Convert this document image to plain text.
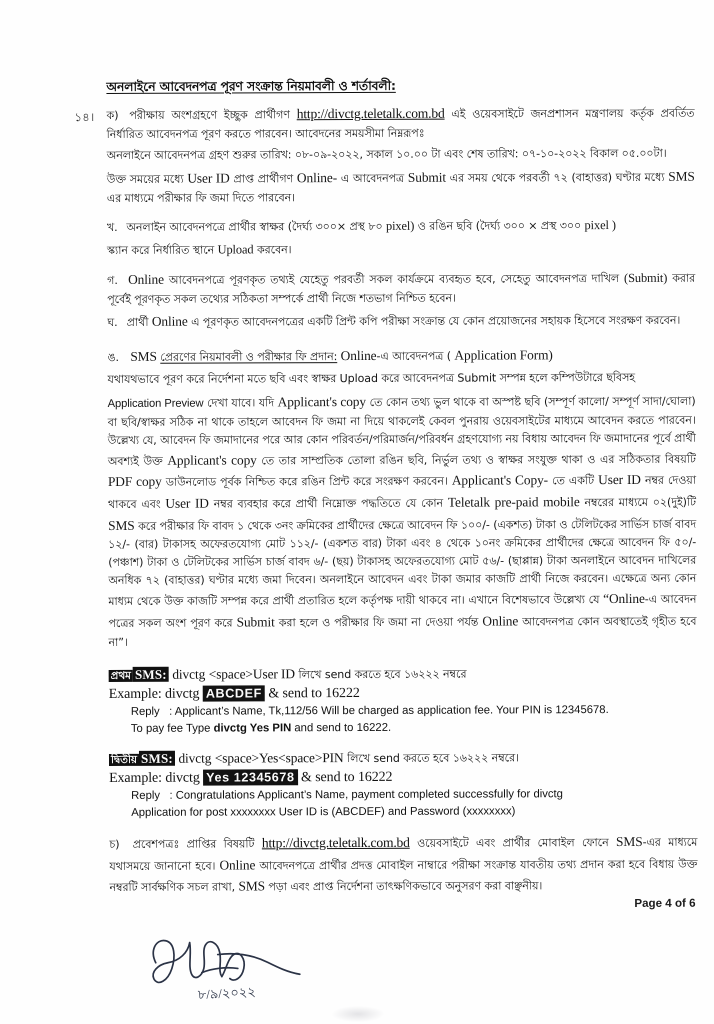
১৪।
অনলাইনে আবেদনপত্র পূরণ সংক্রান্ত নিয়মাবলী ও শর্তাবলী:

ক) পরীক্ষায় অংশগ্রহণে ইচ্ছুক প্রার্থীগণ http://divctg.teletalk.com.bd এই ওয়েবসাইটে জনপ্রশাসন মন্ত্রণালয় কর্তৃক প্রবর্তিত নির্ধারিত আবেদনপত্র পূরণ করতে পারবেন। আবেদনের সময়সীমা নিম্নরূপঃ

অনলাইনে আবেদনপত্র গ্রহণ শুরুর তারিখ: ০৮-০৯-২০২২, সকাল ১০.০০ টা এবং শেষ তারিখ: ০৭-১০-২০২২ বিকাল ০৫.০০টা।

উক্ত সময়ের মধ্যে User ID প্রাপ্ত প্রার্থীগণ Online- এ আবেদনপত্র Submit এর সময় থেকে পরবর্তী ৭২ (বাহাত্তর) ঘণ্টার মধ্যে SMS এর মাধ্যমে পরীক্ষার ফি জমা দিতে পারবেন।

খ. অনলাইন আবেদনপত্রে প্রার্থীর স্বাক্ষর (দৈর্ঘ্য ৩০০× প্রস্থ ৮০ pixel) ও রঙিন ছবি (দৈর্ঘ্য ৩০০ × প্রস্থ ৩০০ pixel )

স্ক্যান করে নির্ধারিত স্থানে Upload করবেন।

গ. Online আবেদনপত্রে পূরণকৃত তথ্যই যেহেতু পরবর্তী সকল কার্যক্রমে ব্যবহৃত হবে, সেহেতু আবেদনপত্র দাখিল (Submit) করার পূর্বেই পূরণকৃত সকল তথ্যের সঠিকতা সম্পর্কে প্রার্থী নিজে শতভাগ নিশ্চিত হবেন।

ঘ. প্রার্থী Online এ পূরণকৃত আবেদনপত্রের একটি প্রিন্ট কপি পরীক্ষা সংক্রান্ত যে কোন প্রয়োজনের সহায়ক হিসেবে সংরক্ষণ করবেন।

ঙ. SMS প্রেরণের নিয়মাবলী ও পরীক্ষার ফি প্রদান: Online-এ আবেদনপত্র ( Application Form)

যথাযথভাবে পূরণ করে নির্দেশনা মতে ছবি এবং স্বাক্ষর Upload করে আবেদনপত্র Submit সম্পন্ন হলে কম্পিউটারে ছবিসহ

Application Preview দেখা যাবে। যদি Applicant's copy তে কোন তথ্য ভুল থাকে বা অস্পষ্ট ছবি (সম্পূর্ণ কালো/ সম্পূর্ণ সাদা/ঘোলা) বা ছবি/স্বাক্ষর সঠিক না থাকে তাহলে আবেদন ফি জমা না দিয়ে থাকলেই কেবল পুনরায় ওয়েবসাইটের মাধ্যমে আবেদন করতে পারবেন। উল্লেখ্য যে, আবেদন ফি জমাদানের পরে আর কোন পরিবর্তন/পরিমার্জন/পরিবর্ধন গ্রহণযোগ্য নয় বিধায় আবেদন ফি জমাদানের পূর্বে প্রার্থী অবশ্যই উক্ত Applicant's copy তে তার সাম্প্রতিক তোলা রঙিন ছবি, নির্ভুল তথ্য ও স্বাক্ষর সংযুক্ত থাকা ও এর সঠিকতার বিষয়টি PDF copy ডাউনলোড পূর্বক নিশ্চিত করে রঙিন প্রিন্ট করে সংরক্ষণ করবেন। Applicant's Copy- তে একটি User ID নম্বর দেওয়া থাকবে এবং User ID নম্বর ব্যবহার করে প্রার্থী নিম্নোক্ত পদ্ধতিতে যে কোন Teletalk pre-paid mobile নম্বরের মাধ্যমে ০২(দুই)টি SMS করে পরীক্ষার ফি বাবদ ১ থেকে ৩নং ক্রমিকের প্রার্থীদের ক্ষেত্রে আবেদন ফি ১০০/- (একশত) টাকা ও টেলিটকের সার্ভিস চার্জ বাবদ ১২/- (বার) টাকাসহ অফেরতযোগ্য মোট ১১২/- (একশত বার) টাকা এবং ৪ থেকে ১০নং ক্রমিকের প্রার্থীদের ক্ষেত্রে আবেদন ফি ৫০/-(পঞ্চাশ) টাকা ও টেলিটকের সার্ভিস চার্জ বাবদ ৬/- (ছয়) টাকাসহ অফেরতযোগ্য মোট ৫৬/- (ছাপ্পান্ন) টাকা অনলাইনে আবেদন দাখিলের অনধিক ৭২ (বাহাত্তর) ঘণ্টার মধ্যে জমা দিবেন। অনলাইনে আবেদন এবং টাকা জমার কাজটি প্রার্থী নিজে করবেন। এক্ষেত্রে অন্য কোন মাধ্যম থেকে উক্ত কাজটি সম্পন্ন করে প্রার্থী প্রতারিত হলে কর্তৃপক্ষ দায়ী থাকবে না। এখানে বিশেষভাবে উল্লেখ্য যে “Online-এ আবেদন পত্রের সকল অংশ পূরণ করে Submit করা হলে ও পরীক্ষার ফি জমা না দেওয়া পর্যন্ত Online আবেদনপত্র কোন অবস্থাতেই গৃহীত হবে না”।

প্রথম SMS: divctg <space>User ID লিখে send করতে হবে ১৬২২২ নম্বরে
Example: divctg ABCDEF & send to 16222
Reply : Applicant’s Name, Tk,112/56 Will be charged as application fee. Your PIN is 12345678.
To pay fee Type divctg Yes PIN and send to 16222.
দ্বিতীয় SMS: divctg <space>Yes<space>PIN লিখে send করতে হবে ১৬২২২ নম্বরে।
Example: divctg Yes 12345678 & send to 16222
Reply : Congratulations Applicant’s Name, payment completed successfully for divctg
Application for post xxxxxxxx User ID is (ABCDEF) and Password (xxxxxxxx)

চ) প্রবেশপত্রঃ প্রাপ্তির বিষয়টি http://divctg.teletalk.com.bd ওয়েবসাইটে এবং প্রার্থীর মোবাইল ফোনে SMS-এর মাধ্যমে যথাসময়ে জানানো হবে। Online আবেদনপত্রে প্রার্থীর প্রদত্ত মোবাইল নাম্বারে পরীক্ষা সংক্রান্ত যাবতীয় তথ্য প্রদান করা হবে বিধায় উক্ত নম্বরটি সার্বক্ষণিক সচল রাখা, SMS পড়া এবং প্রাপ্ত নির্দেশনা তাৎক্ষণিকভাবে অনুসরণ করা বাঞ্ছনীয়।

Page 4 of 6
৮/৯/২০২২
